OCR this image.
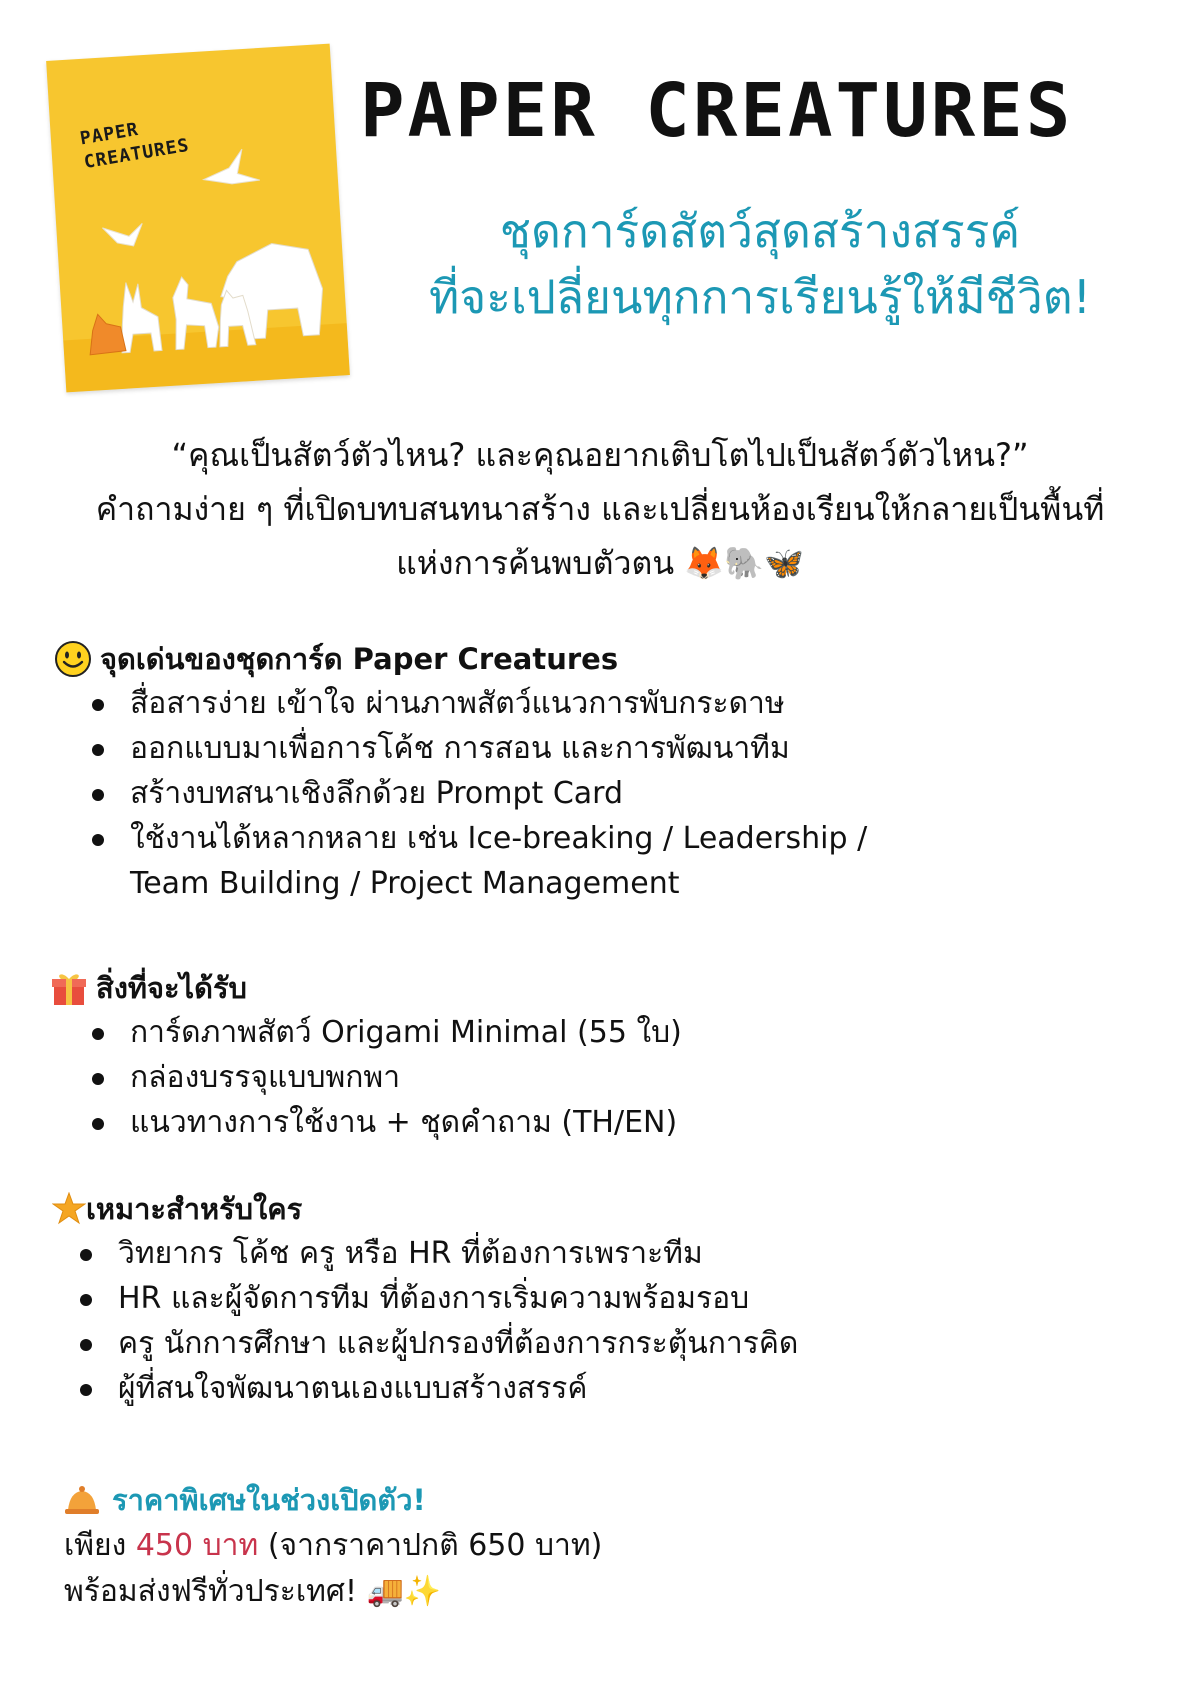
PAPER
CREATURES	PAPER CREATURES
ชุดการ์ดสัตว์สุดสร้างสรรค์
ที่จะเปลี่ยนทุกการเรียนรู้ให้มีชีวิต!
“คุณเป็นสัตว์ตัวไหน? และคุณอยากเติบโตไปเป็นสัตว์ตัวไหน?”
คำถามง่าย ๆ ที่เปิดบทบสนทนาสร้าง และเปลี่ยนห้องเรียนให้กลายเป็นพื้นที่
แห่งการค้นพบตัวตน 🦊🐘🦋
จุดเด่นของชุดการ์ด Paper Creatures
สื่อสารง่าย เข้าใจ ผ่านภาพสัตว์แนวการพับกระดาษ
ออกแบบมาเพื่อการโค้ช การสอน และการพัฒนาทีม
สร้างบทสนาเชิงลึกด้วย Prompt Card
ใช้งานได้หลากหลาย เช่น Ice-breaking / Leadership /
Team Building / Project Management
สิ่งที่จะได้รับ
การ์ดภาพสัตว์ Origami Minimal (55 ใบ)
กล่องบรรจุแบบพกพา
แนวทางการใช้งาน + ชุดคำถาม (TH/EN)
เหมาะสำหรับใคร
วิทยากร โค้ช ครู หรือ HR ที่ต้องการเพราะทีม
HR และผู้จัดการทีม ที่ต้องการเริ่มความพร้อมรอบ
ครู นักการศึกษา และผู้ปกรองที่ต้องการกระตุ้นการคิด
ผู้ที่สนใจพัฒนาตนเองแบบสร้างสรรค์
ราคาพิเศษในช่วงเปิดตัว!
เพียง 450 บาท (จากราคาปกติ 650 บาท)
พร้อมส่งฟรีทั่วประเทศ! 🚚✨
